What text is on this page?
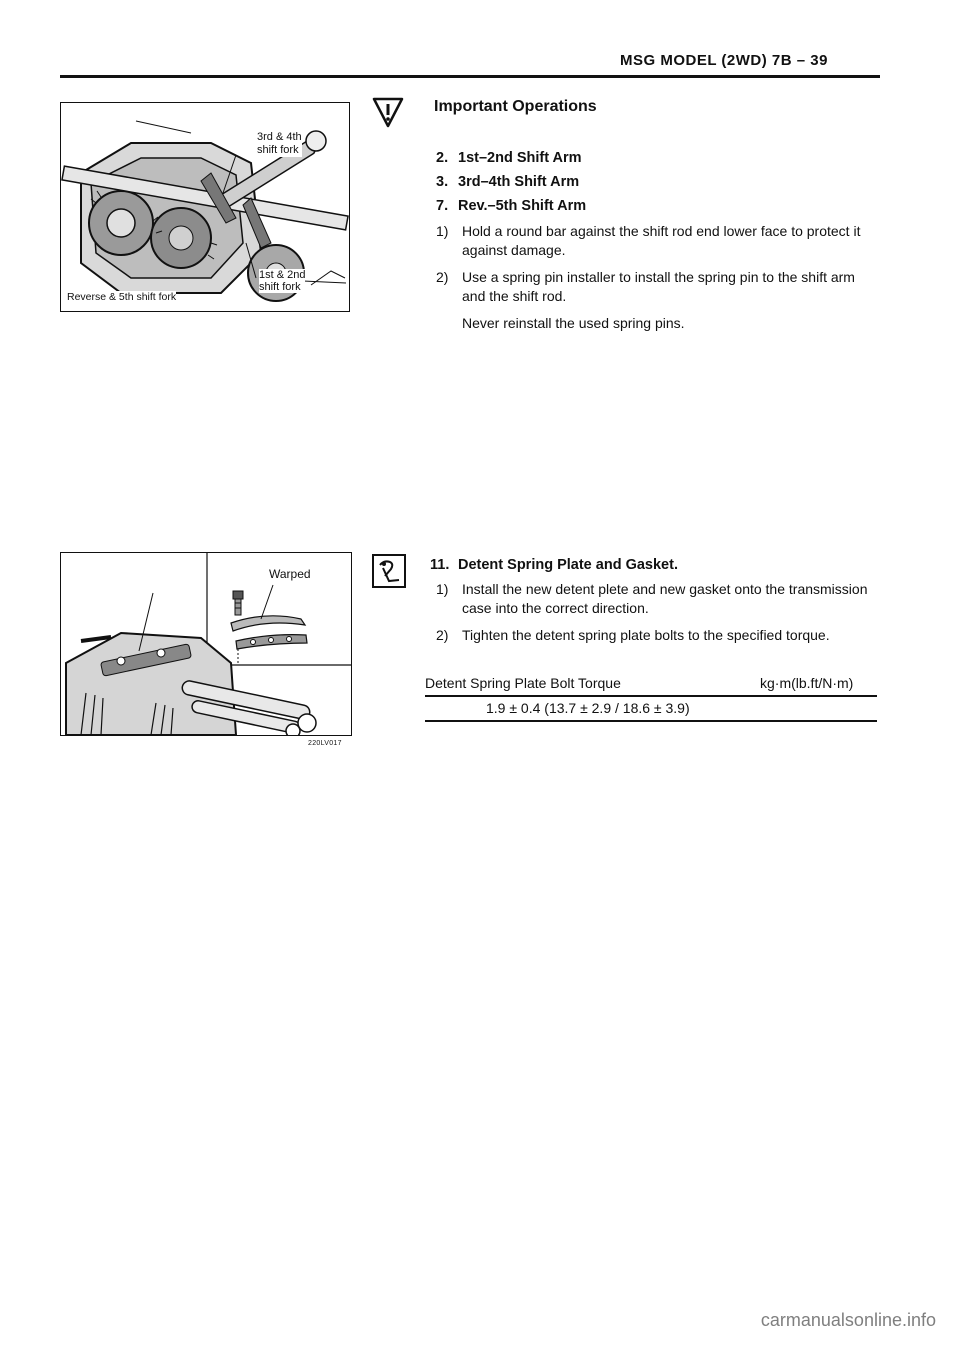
MSG MODEL (2WD) 7B – 39
3rd & 4th
shift fork
1st & 2nd
shift fork
Reverse & 5th shift fork
Important Operations
2. 1st–2nd Shift Arm
3. 3rd–4th Shift Arm
7. Rev.–5th Shift Arm
1) Hold a round bar against the shift rod end lower face to protect it against damage.
2) Use a spring pin installer to install the spring pin to the shift arm and the shift rod.
Never reinstall the used spring pins.
Warped
220LV017
11. Detent Spring Plate and Gasket.
1) Install the new detent plete and new gasket onto the transmission case into the correct direction.
2) Tighten the detent spring plate bolts to the specified torque.
Detent Spring Plate Bolt Torque	kg·m(lb.ft/N·m)
1.9 ± 0.4 (13.7 ± 2.9 / 18.6 ± 3.9)
carmanualsonline.info
